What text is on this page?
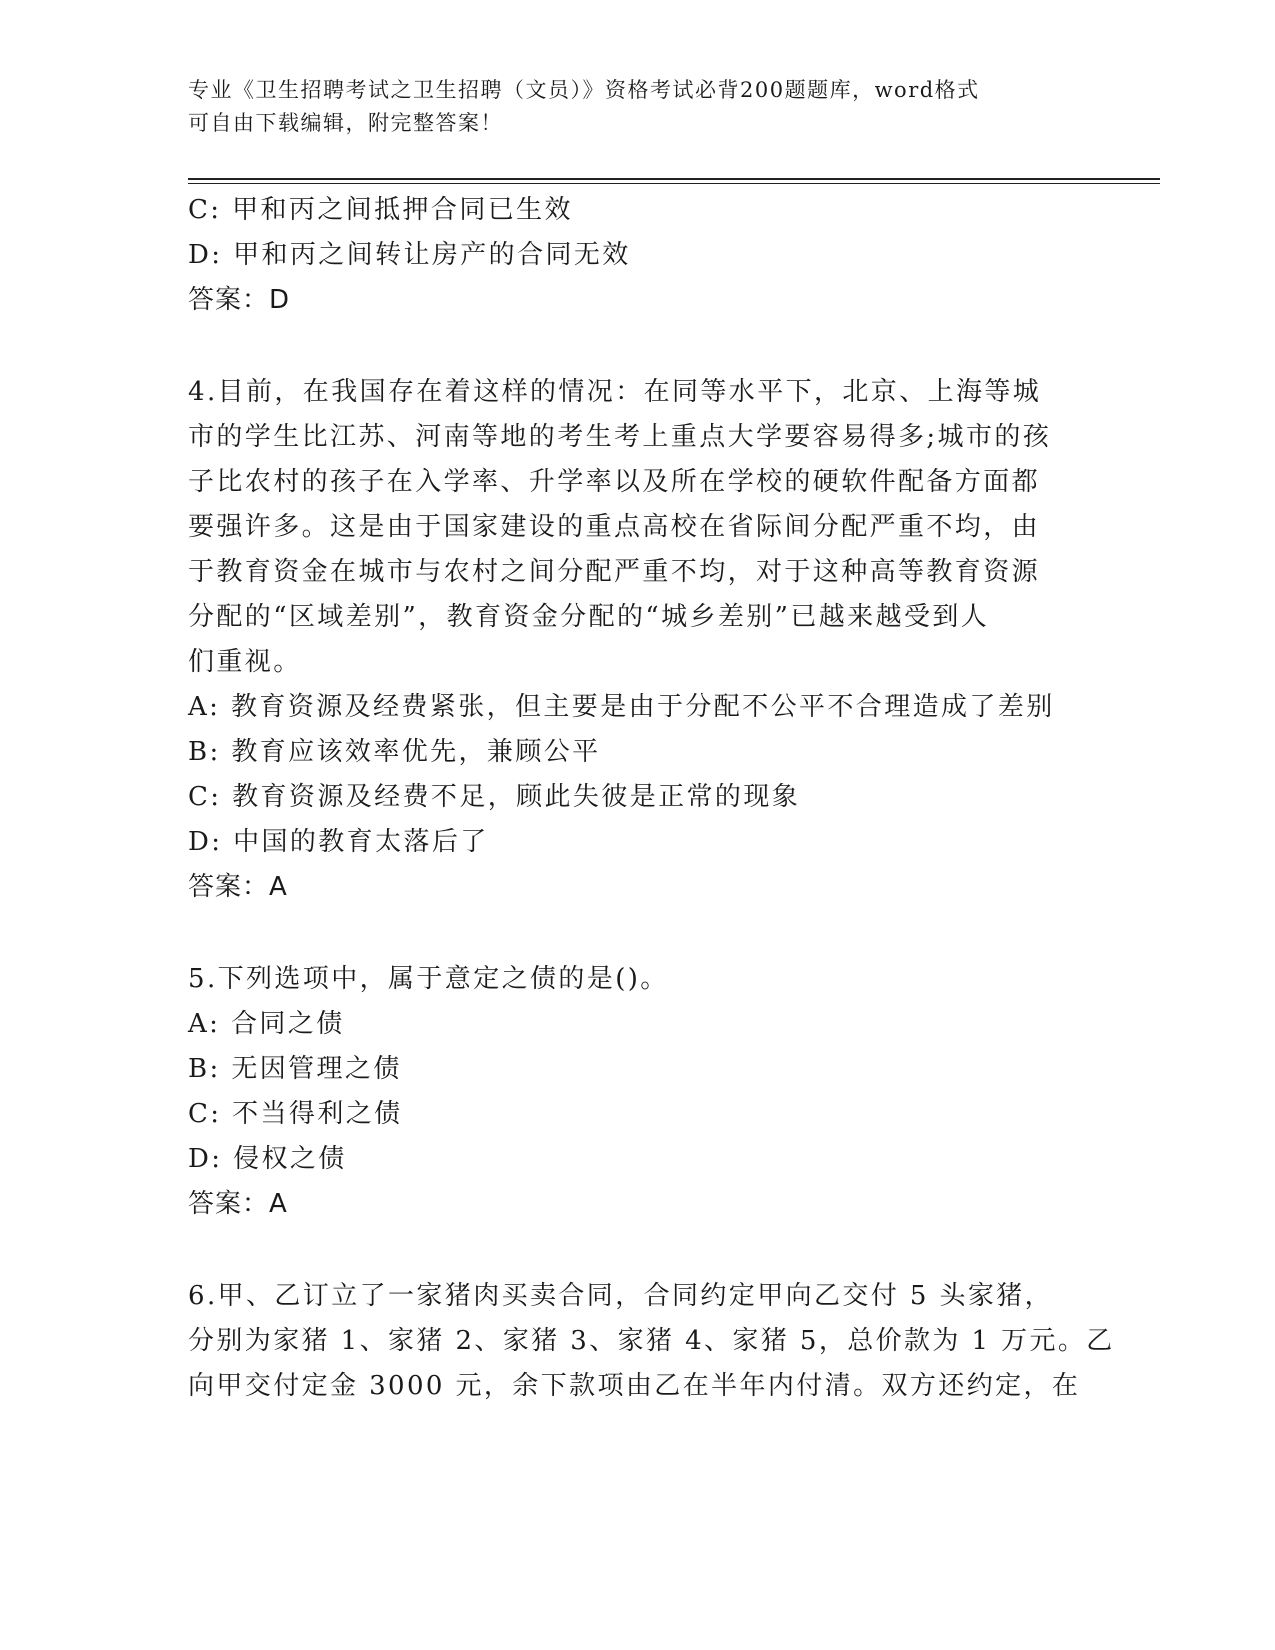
专业《卫生招聘考试之卫生招聘（文员）》资格考试必背200题题库，word格式
可自由下载编辑，附完整答案！
C: 甲和丙之间抵押合同已生效
D: 甲和丙之间转让房产的合同无效
答案：D
4.目前，在我国存在着这样的情况：在同等水平下，北京、上海等城
市的学生比江苏、河南等地的考生考上重点大学要容易得多;城市的孩
子比农村的孩子在入学率、升学率以及所在学校的硬软件配备方面都
要强许多。这是由于国家建设的重点高校在省际间分配严重不均，由
于教育资金在城市与农村之间分配严重不均，对于这种高等教育资源
分配的“区域差别”，教育资金分配的“城乡差别”已越来越受到人
们重视。
A: 教育资源及经费紧张，但主要是由于分配不公平不合理造成了差别
B: 教育应该效率优先，兼顾公平
C: 教育资源及经费不足，顾此失彼是正常的现象
D: 中国的教育太落后了
答案：A
5.下列选项中，属于意定之债的是()。
A: 合同之债
B: 无因管理之债
C: 不当得利之债
D: 侵权之债
答案：A
6.甲、乙订立了一家猪肉买卖合同，合同约定甲向乙交付 5 头家猪，
分别为家猪 1、家猪 2、家猪 3、家猪 4、家猪 5，总价款为 1 万元。乙
向甲交付定金 3000 元，余下款项由乙在半年内付清。双方还约定，在
